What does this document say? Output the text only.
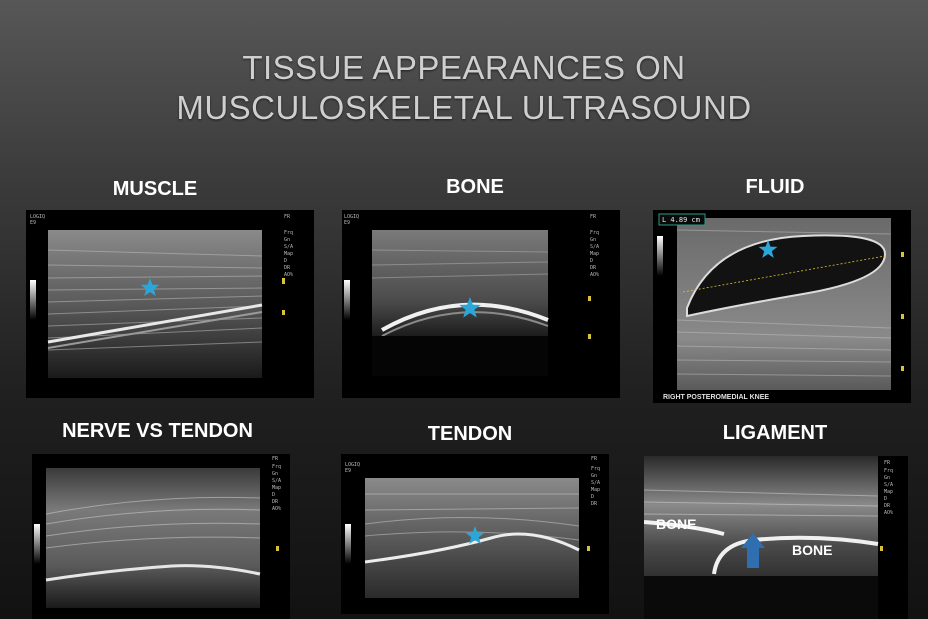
TISSUE APPEARANCES ON
MUSCULOSKELETAL ULTRASOUND
MUSCLE	BONE	FLUID
NERVE VS TENDON	TENDON	LIGAMENT
LOGIQ
E9
FR
Frq
Gn
S/A
Map
D
DR
AO%
LOGIQ
E9
FR
Frq
Gn
S/A
Map
D
DR
AO%
L 4.89 cm
RIGHT POSTEROMEDIAL KNEE
FR
Frq
Gn
S/A
Map
D
DR
AO%
LOGIQ
E9
FR
Frq
Gn
S/A
Map
D
DR
FR
Frq
Gn
S/A
Map
D
DR
AO%
BONE
BONE
